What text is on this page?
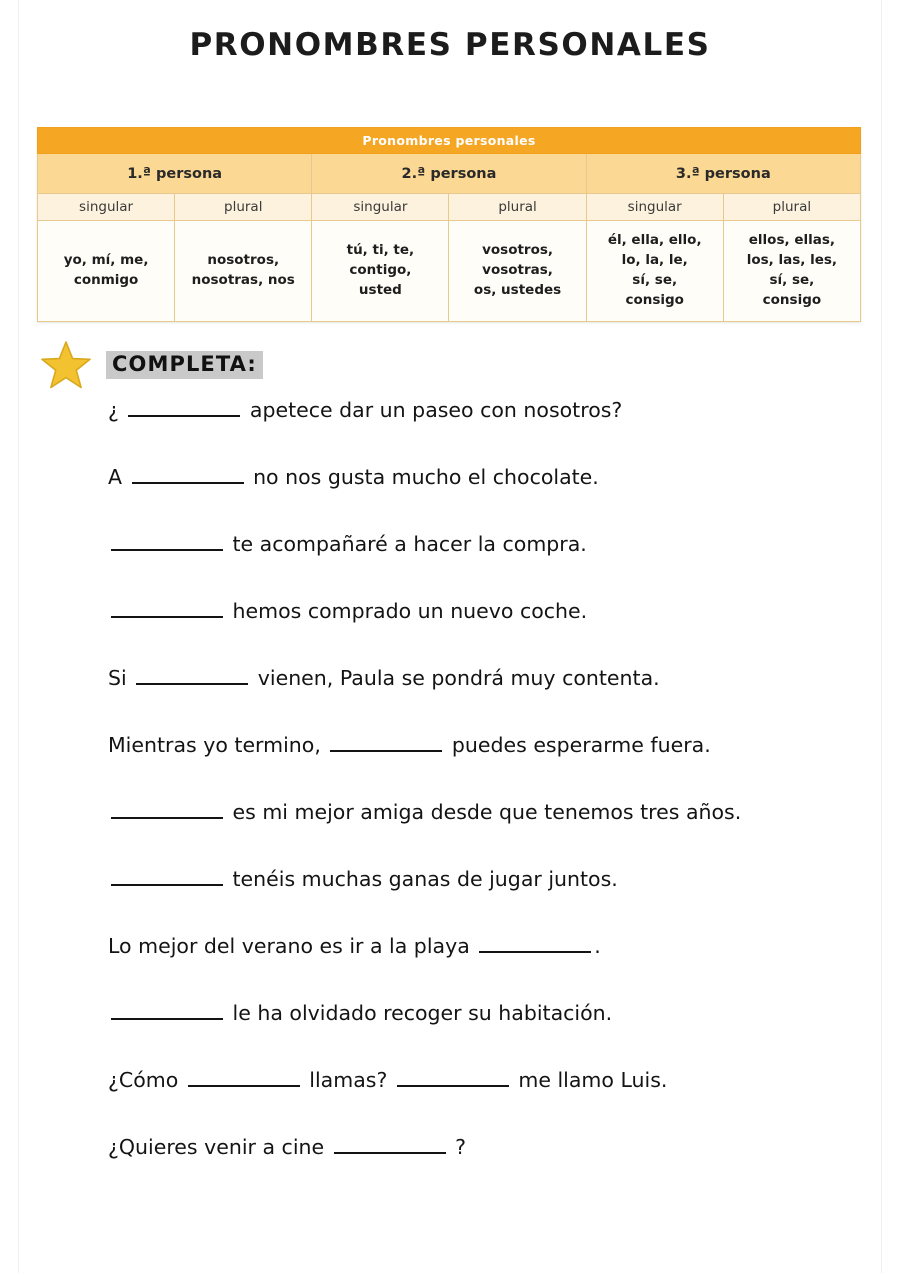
PRONOMBRES PERSONALES
Pronombres personales					
1.ª persona		2.ª persona		3.ª persona	
singular	plural	singular	plural	singular	plural
yo, mí, me,
conmigo	nosotros,
nosotras, nos	tú, ti, te,
contigo,
usted	vosotros,
vosotras,
os, ustedes	él, ella, ello,
lo, la, le,
sí, se,
consigo	ellos, ellas,
los, las, les,
sí, se,
consigo
COMPLETA:
¿	apetece dar un paseo con nosotros?
A	no nos gusta mucho el chocolate.
te acompañaré a hacer la compra.
hemos comprado un nuevo coche.
Si	vienen, Paula se pondrá muy contenta.
Mientras yo termino,	puedes esperarme fuera.
es mi mejor amiga desde que tenemos tres años.
tenéis muchas ganas de jugar juntos.
Lo mejor del verano es ir a la playa	.
le ha olvidado recoger su habitación.
¿Cómo	llamas?	me llamo Luis.
¿Quieres venir a cine	?
